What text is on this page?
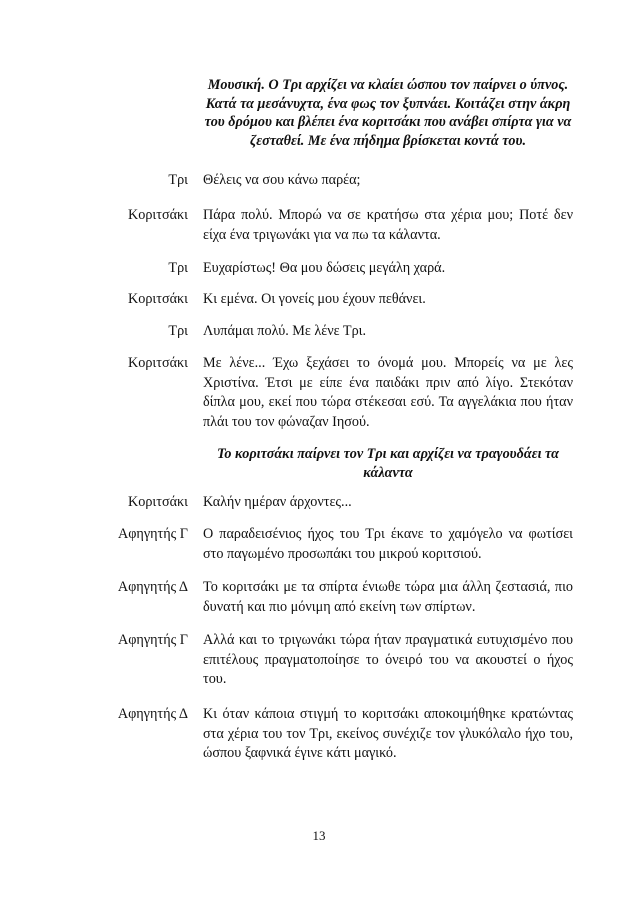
Μουσική. Ο Τρι αρχίζει να κλαίει ώσπου τον παίρνει ο ύπνος. Κατά τα μεσάνυχτα, ένα φως τον ξυπνάει. Κοιτάζει στην άκρη του δρόμου και βλέπει ένα κοριτσάκι που ανάβει σπίρτα για να ζεσταθεί. Με ένα πήδημα βρίσκεται κοντά του.
Τρι Θέλεις να σου κάνω παρέα;
Κοριτσάκι Πάρα πολύ. Μπορώ να σε κρατήσω στα χέρια μου; Ποτέ δεν είχα ένα τριγωνάκι για να πω τα κάλαντα.
Τρι Ευχαρίστως! Θα μου δώσεις μεγάλη χαρά.
Κοριτσάκι Κι εμένα. Οι γονείς μου έχουν πεθάνει.
Τρι Λυπάμαι πολύ. Με λένε Τρι.
Κοριτσάκι Με λένε... Έχω ξεχάσει το όνομά μου. Μπορείς να με λες Χριστίνα. Έτσι με είπε ένα παιδάκι πριν από λίγο. Στεκόταν δίπλα μου, εκεί που τώρα στέκεσαι εσύ. Τα αγγελάκια που ήταν πλάι του τον φώναζαν Ιησού.
Το κοριτσάκι παίρνει τον Τρι και αρχίζει να τραγουδάει τα κάλαντα
Κοριτσάκι Καλήν ημέραν άρχοντες...
Αφηγητής Γ Ο παραδεισένιος ήχος του Τρι έκανε το χαμόγελο να φωτίσει στο παγωμένο προσωπάκι του μικρού κοριτσιού.
Αφηγητής Δ Το κοριτσάκι με τα σπίρτα ένιωθε τώρα μια άλλη ζεστασιά, πιο δυνατή και πιο μόνιμη από εκείνη των σπίρτων.
Αφηγητής Γ Αλλά και το τριγωνάκι τώρα ήταν πραγματικά ευτυχισμένο που επιτέλους πραγματοποίησε το όνειρό του να ακουστεί ο ήχος του.
Αφηγητής Δ Κι όταν κάποια στιγμή το κοριτσάκι αποκοιμήθηκε κρατώντας στα χέρια του τον Τρι, εκείνος συνέχιζε τον γλυκόλαλο ήχο του, ώσπου ξαφνικά έγινε κάτι μαγικό.
13
